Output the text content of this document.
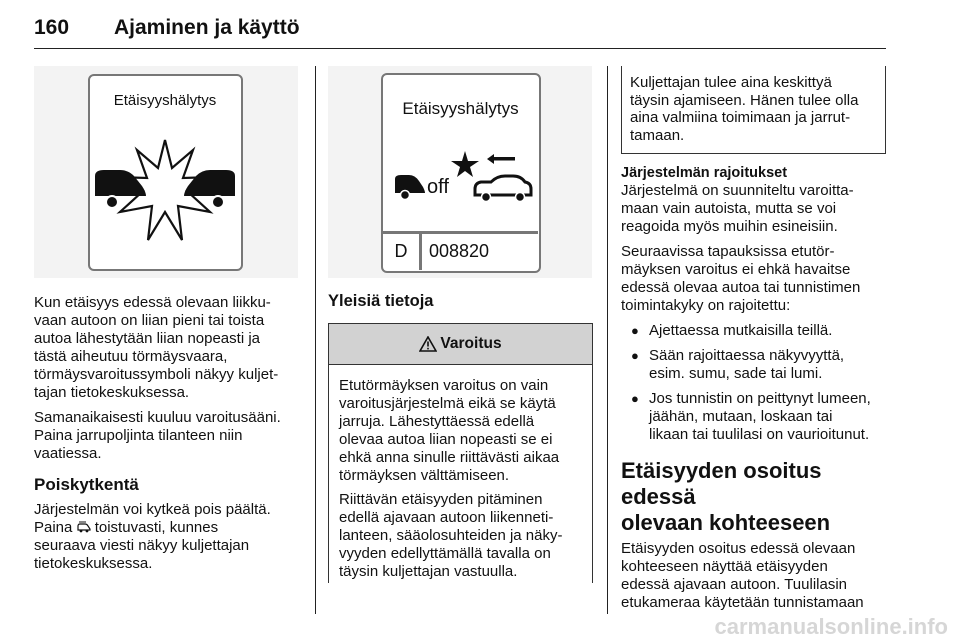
160 Ajaminen ja käyttö
Etäisyyshälytys	Etäisyyshälytys
off
D	008820

Kun etäisyys edessä olevaan liikku-
vaan autoon on liian pieni tai toista
autoa lähestytään liian nopeasti ja
tästä aiheutuu törmäysvaara,
törmäysvaroitussymboli näkyy kuljet-
tajan tietokeskuksessa.

Samanaikaisesti kuuluu varoitusääni.
Paina jarrupoljinta tilanteen niin
vaatiessa.

Poiskytkentä

Järjestelmän voi kytkeä pois päältä.
Paina toistuvasti, kunnes
seuraava viesti näkyy kuljettajan
tietokeskuksessa.

Yleisiä tietoja
Varoitus

Etutörmäyksen varoitus on vain
varoitusjärjestelmä eikä se käytä
jarruja. Lähestyttäessä edellä
olevaa autoa liian nopeasti se ei
ehkä anna sinulle riittävästi aikaa
törmäyksen välttämiseen.

Riittävän etäisyyden pitäminen
edellä ajavaan autoon liikenneti-
lanteen, sääolosuhteiden ja näky-
vyyden edellyttämällä tavalla on
täysin kuljettajan vastuulla.

Kuljettajan tulee aina keskittyä
täysin ajamiseen. Hänen tulee olla
aina valmiina toimimaan ja jarrut-
tamaan.
Järjestelmän rajoitukset

Järjestelmä on suunniteltu varoitta-
maan vain autoista, mutta se voi
reagoida myös muihin esineisiin.

Seuraavissa tapauksissa etutör-
mäyksen varoitus ei ehkä havaitse
edessä olevaa autoa tai tunnistimen
toimintakyky on rajoitettu:

● Ajettaessa mutkaisilla teillä.
● Sään rajoittaessa näkyvyyttä,
esim. sumu, sade tai lumi.
● Jos tunnistin on peittynyt lumeen,
jäähän, mutaan, loskaan tai
likaan tai tuulilasi on vaurioitunut.
Etäisyyden osoitus edessä
olevaan kohteeseen

Etäisyyden osoitus edessä olevaan
kohteeseen näyttää etäisyyden
edessä ajavaan autoon. Tuulilasin
etukameraa käytetään tunnistamaan

carmanualsonline.info
